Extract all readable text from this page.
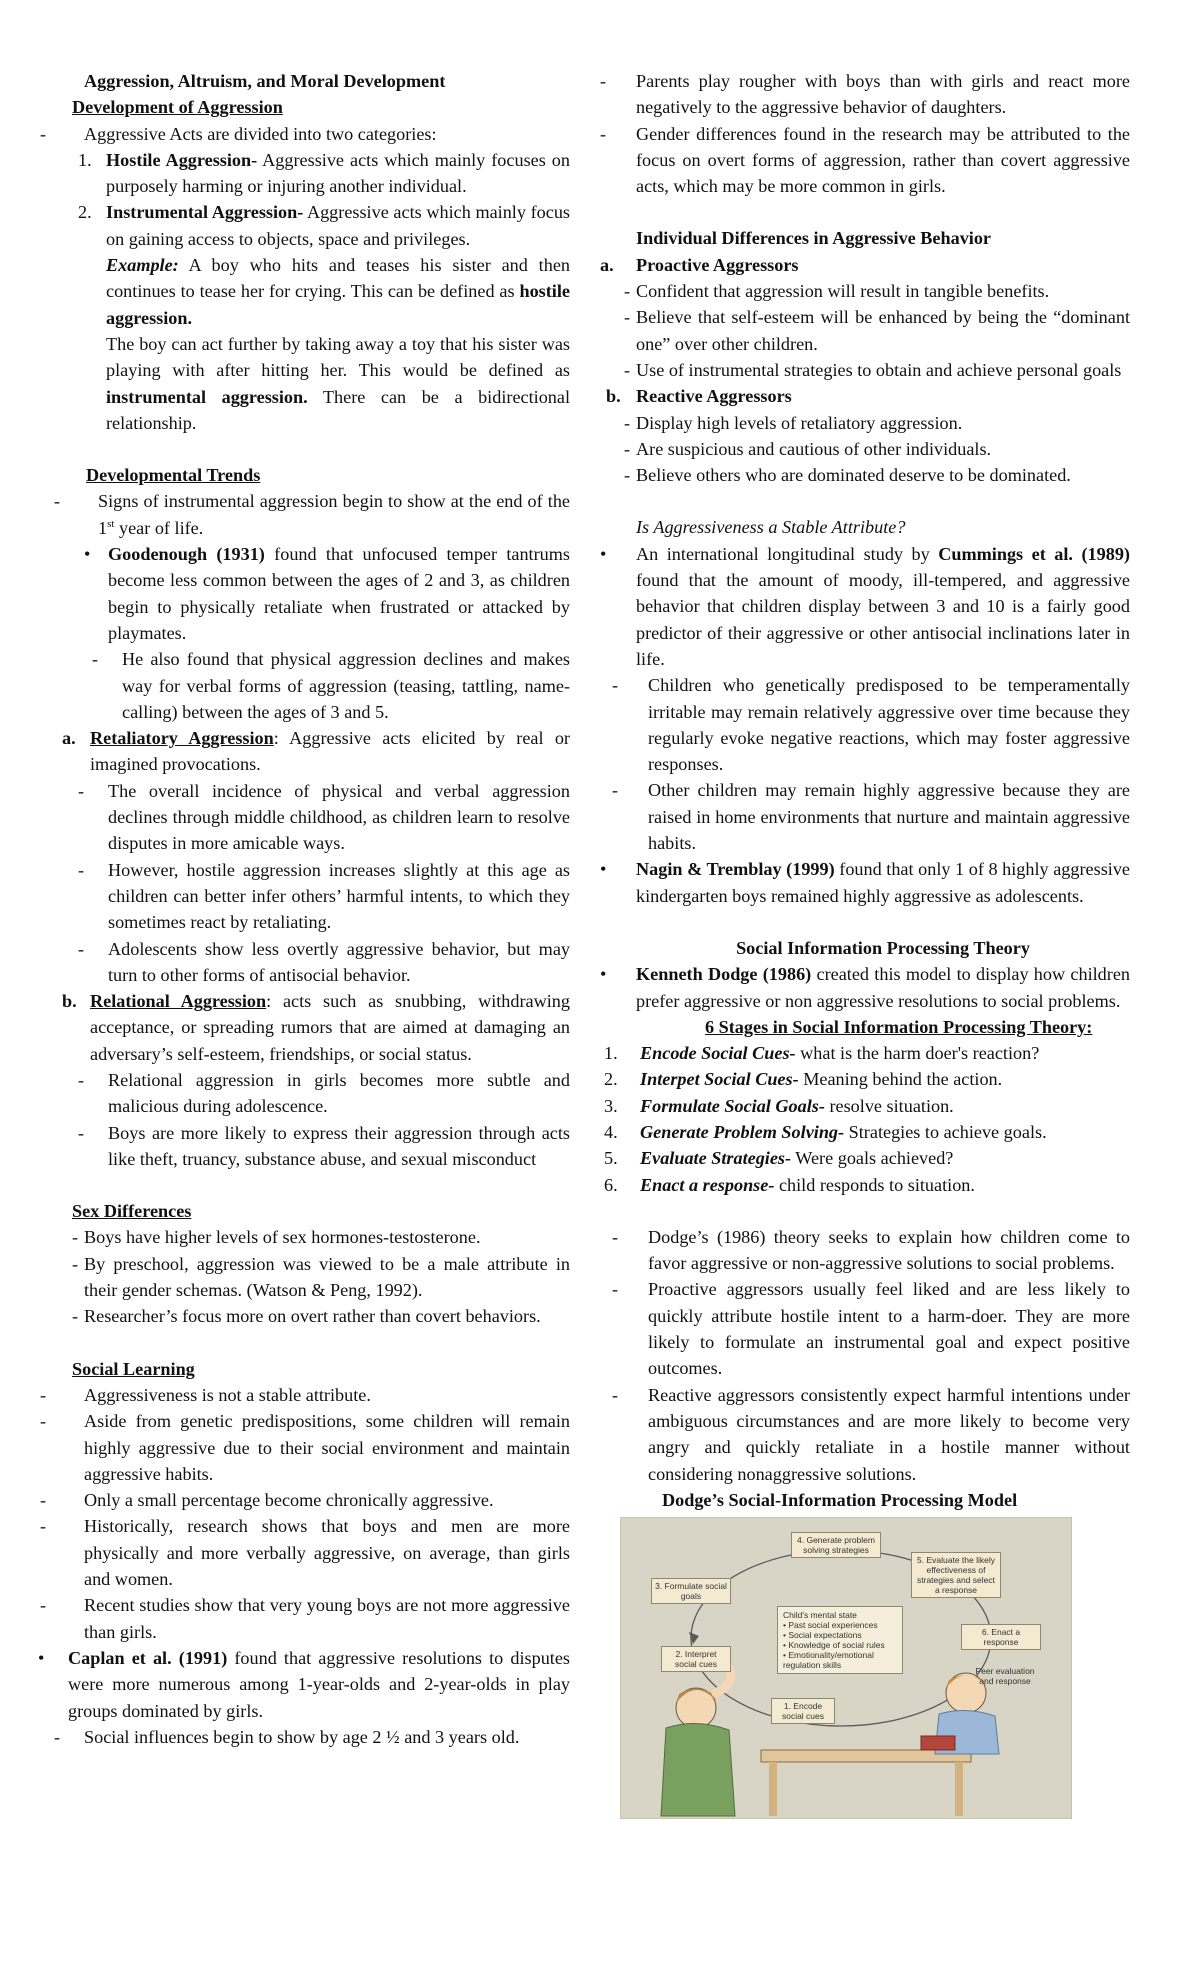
Aggression, Altruism, and Moral Development

Development of Aggression

-	Aggressive Acts are divided into two categories:
1. Hostile Aggression- Aggressive acts which mainly focuses on purposely harming or injuring another individual.
2. Instrumental Aggression- Aggressive acts which mainly focus on gaining access to objects, space and privileges.

Example: A boy who hits and teases his sister and then continues to tease her for crying. This can be defined as hostile aggression.

The boy can act further by taking away a toy that his sister was playing with after hitting her. This would be defined as instrumental aggression. There can be a bidirectional relationship.

Developmental Trends

-	Signs of instrumental aggression begin to show at the end of the 1st year of life.
• Goodenough (1931) found that unfocused temper tantrums become less common between the ages of 2 and 3, as children begin to physically retaliate when frustrated or attacked by playmates.
-	He also found that physical aggression declines and makes way for verbal forms of aggression (teasing, tattling, name-calling) between the ages of 3 and 5.
a. Retaliatory Aggression: Aggressive acts elicited by real or imagined provocations.
-	The overall incidence of physical and verbal aggression declines through middle childhood, as children learn to resolve disputes in more amicable ways.
-	However, hostile aggression increases slightly at this age as children can better infer others’ harmful intents, to which they sometimes react by retaliating.
-	Adolescents show less overtly aggressive behavior, but may turn to other forms of antisocial behavior.
b. Relational Aggression: acts such as snubbing, withdrawing acceptance, or spreading rumors that are aimed at damaging an adversary’s self-esteem, friendships, or social status.
-	Relational aggression in girls becomes more subtle and malicious during adolescence.
-	Boys are more likely to express their aggression through acts like theft, truancy, substance abuse, and sexual misconduct

Sex Differences

- Boys have higher levels of sex hormones-testosterone.
- By preschool, aggression was viewed to be a male attribute in their gender schemas. (Watson & Peng, 1992).
- Researcher’s focus more on overt rather than covert behaviors.

Social Learning

-	Aggressiveness is not a stable attribute.
-	Aside from genetic predispositions, some children will remain highly aggressive due to their social environment and maintain aggressive habits.
-	Only a small percentage become chronically aggressive.
-	Historically, research shows that boys and men are more physically and more verbally aggressive, on average, than girls and women.
-	Recent studies show that very young boys are not more aggressive than girls.
•	Caplan et al. (1991) found that aggressive resolutions to disputes were more numerous among 1-year-olds and 2-year-olds in play groups dominated by girls.
-	Social influences begin to show by age 2 ½ and 3 years old.
-	Parents play rougher with boys than with girls and react more negatively to the aggressive behavior of daughters.
-	Gender differences found in the research may be attributed to the focus on overt forms of aggression, rather than covert aggressive acts, which may be more common in girls.

Individual Differences in Aggressive Behavior

a.	Proactive Aggressors
- Confident that aggression will result in tangible benefits.
- Believe that self-esteem will be enhanced by being the “dominant one” over other children.
- Use of instrumental strategies to obtain and achieve personal goals
b. Reactive Aggressors
- Display high levels of retaliatory aggression.
- Are suspicious and cautious of other individuals.
- Believe others who are dominated deserve to be dominated.

Is Aggressiveness a Stable Attribute?

•	An international longitudinal study by Cummings et al. (1989) found that the amount of moody, ill-tempered, and aggressive behavior that children display between 3 and 10 is a fairly good predictor of their aggressive or other antisocial inclinations later in life.
-	Children who genetically predisposed to be temperamentally irritable may remain relatively aggressive over time because they regularly evoke negative reactions, which may foster aggressive responses.
-	Other children may remain highly aggressive because they are raised in home environments that nurture and maintain aggressive habits.
•	Nagin & Tremblay (1999) found that only 1 of 8 highly aggressive kindergarten boys remained highly aggressive as adolescents.

Social Information Processing Theory

•	Kenneth Dodge (1986) created this model to display how children prefer aggressive or non aggressive resolutions to social problems.

6 Stages in Social Information Processing Theory:

1.	Encode Social Cues- what is the harm doer's reaction?
2.	Interpet Social Cues- Meaning behind the action.
3.	Formulate Social Goals- resolve situation.
4.	Generate Problem Solving- Strategies to achieve goals.
5.	Evaluate Strategies- Were goals achieved?
6.	Enact a response- child responds to situation.
-	Dodge’s (1986) theory seeks to explain how children come to favor aggressive or non-aggressive solutions to social problems.
-	Proactive aggressors usually feel liked and are less likely to quickly attribute hostile intent to a harm-doer. They are more likely to formulate an instrumental goal and expect positive outcomes.
-	Reactive aggressors consistently expect harmful intentions under ambiguous circumstances and are more likely to become very angry and quickly retaliate in a hostile manner without considering nonaggressive solutions.

Dodge’s Social-Information Processing Model

4. Generate problem solving strategies
5. Evaluate the likely effectiveness of strategies and select a response
3. Formulate social goals
6. Enact a response
2. Interpret social cues
Peer evaluation and response
1. Encode social cues
Child's mental state
• Past social experiences
• Social expectations
• Knowledge of social rules
• Emotionality/emotional
regulation skills
